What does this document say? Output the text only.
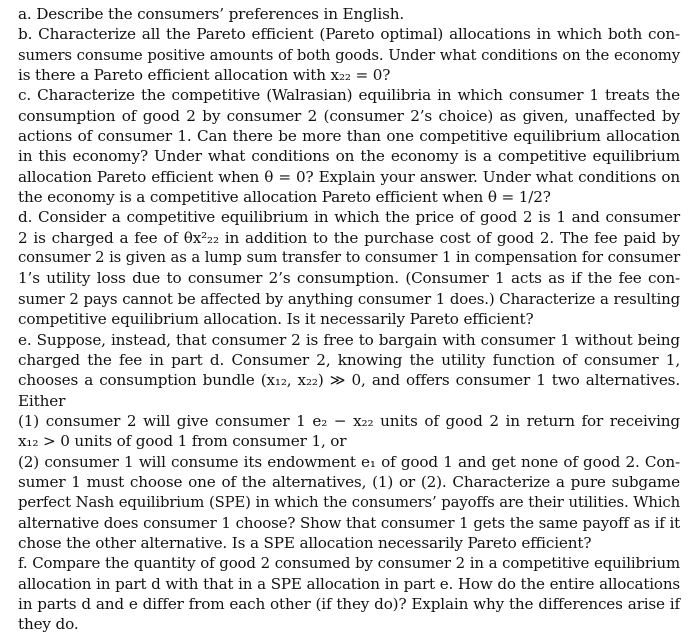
a. Describe the consumers’ preferences in English.
b. Characterize all the Pareto efficient (Pareto optimal) allocations in which both con-
sumers consume positive amounts of both goods. Under what conditions on the economy
is there a Pareto efficient allocation with x₂₂ = 0?
c. Characterize the competitive (Walrasian) equilibria in which consumer 1 treats the
consumption of good 2 by consumer 2 (consumer 2’s choice) as given, unaffected by
actions of consumer 1. Can there be more than one competitive equilibrium allocation
in this economy? Under what conditions on the economy is a competitive equilibrium
allocation Pareto efficient when θ = 0? Explain your answer. Under what conditions on
the economy is a competitive allocation Pareto efficient when θ = 1/2?
d. Consider a competitive equilibrium in which the price of good 2 is 1 and consumer
2 is charged a fee of θx²₂₂ in addition to the purchase cost of good 2. The fee paid by
consumer 2 is given as a lump sum transfer to consumer 1 in compensation for consumer
1’s utility loss due to consumer 2’s consumption. (Consumer 1 acts as if the fee con-
sumer 2 pays cannot be affected by anything consumer 1 does.) Characterize a resulting
competitive equilibrium allocation. Is it necessarily Pareto efficient?
e. Suppose, instead, that consumer 2 is free to bargain with consumer 1 without being
charged the fee in part d. Consumer 2, knowing the utility function of consumer 1,
chooses a consumption bundle (x₁₂, x₂₂) ≫ 0, and offers consumer 1 two alternatives.
Either
(1) consumer 2 will give consumer 1 e₂ − x₂₂ units of good 2 in return for receiving
x₁₂ > 0 units of good 1 from consumer 1, or
(2) consumer 1 will consume its endowment e₁ of good 1 and get none of good 2. Con-
sumer 1 must choose one of the alternatives, (1) or (2). Characterize a pure subgame
perfect Nash equilibrium (SPE) in which the consumers’ payoffs are their utilities. Which
alternative does consumer 1 choose? Show that consumer 1 gets the same payoff as if it
chose the other alternative. Is a SPE allocation necessarily Pareto efficient?
f. Compare the quantity of good 2 consumed by consumer 2 in a competitive equilibrium
allocation in part d with that in a SPE allocation in part e. How do the entire allocations
in parts d and e differ from each other (if they do)? Explain why the differences arise if
they do.
